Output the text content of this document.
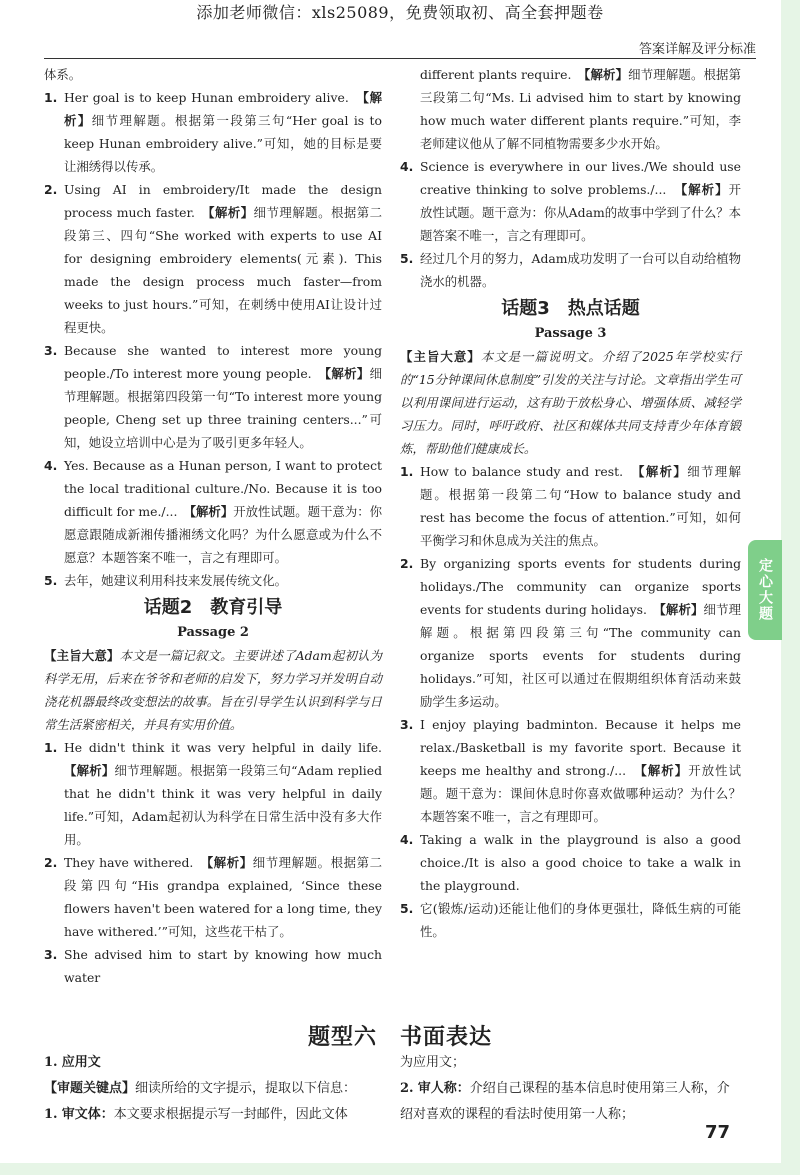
添加老师微信：xls25089，免费领取初、高全套押题卷
答案详解及评分标准
定心大题
体系。
1. Her goal is to keep Hunan embroidery alive.　 【解析】细节理解题。根据第一段第三句“Her goal is to keep Hunan embroidery alive.”可知，她的目标是要让湘绣得以传承。
2. Using AI in embroidery/It made the design process much faster.　 【解析】细节理解题。根据第二段第三、四句“She worked with experts to use AI for designing embroidery elements(元素). This made the design process much faster—from weeks to just hours.”可知，在刺绣中使用AI让设计过程更快。
3. Because she wanted to interest more young people./To interest more young people.　 【解析】细节理解题。根据第四段第一句“To interest more young people, Cheng set up three training centers...”可知，她设立培训中心是为了吸引更多年轻人。
4. Yes. Because as a Hunan person, I want to protect the local traditional culture./No. Because it is too difficult for me./...　 【解析】开放性试题。题干意为：你愿意跟随成新湘传播湘绣文化吗？为什么愿意或为什么不愿意？本题答案不唯一，言之有理即可。
5. 去年，她建议利用科技来发展传统文化。
话题2　教育引导
Passage 2
【主旨大意】本文是一篇记叙文。主要讲述了Adam起初认为科学无用，后来在爷爷和老师的启发下，努力学习并发明自动浇花机器最终改变想法的故事。旨在引导学生认识到科学与日常生活紧密相关，并具有实用价值。
1. He didn't think it was very helpful in daily life.　【解析】细节理解题。根据第一段第三句“Adam replied that he didn't think it was very helpful in daily life.”可知，Adam起初认为科学在日常生活中没有多大作用。
2. They have withered.　 【解析】细节理解题。根据第二段第四句“His grandpa explained, ‘Since these flowers haven't been watered for a long time, they have withered.’”可知，这些花干枯了。
3. She advised him to start by knowing how much water　
different plants require.　 【解析】细节理解题。根据第三段第二句“Ms. Li advised him to start by knowing how much water different plants require.”可知，李老师建议他从了解不同植物需要多少水开始。
4. Science is everywhere in our lives./We should use creative thinking to solve problems./...　 【解析】开放性试题。题干意为：你从Adam的故事中学到了什么？本题答案不唯一，言之有理即可。
5. 经过几个月的努力，Adam成功发明了一台可以自动给植物浇水的机器。
话题3　热点话题
Passage 3
【主旨大意】本文是一篇说明文。介绍了2025年学校实行的“15分钟课间休息制度”引发的关注与讨论。文章指出学生可以利用课间进行运动，这有助于放松身心、增强体质、减轻学习压力。同时，呼吁政府、社区和媒体共同支持青少年体育锻炼，帮助他们健康成长。
1. How to balance study and rest.　 【解析】细节理解题。根据第一段第二句“How to balance study and rest has become the focus of attention.”可知，如何平衡学习和休息成为关注的焦点。
2. By organizing sports events for students during holidays./The community can organize sports events for students during holidays.　 【解析】细节理解题。根据第四段第三句“The community can organize sports events for students during holidays.”可知，社区可以通过在假期组织体育活动来鼓励学生多运动。
3. I enjoy playing badminton. Because it helps me relax./Basketball is my favorite sport. Because it keeps me healthy and strong./...　 【解析】开放性试题。题干意为：课间休息时你喜欢做哪种运动？为什么？本题答案不唯一，言之有理即可。
4. Taking a walk in the playground is also a good choice./It is also a good choice to take a walk in the playground.　
5. 它(锻炼/运动)还能让他们的身体更强壮，降低生病的可能性。
题型六　书面表达
1. 应用文
【审题关键点】细读所给的文字提示，提取以下信息：
1. 审文体：本文要求根据提示写一封邮件，因此文体
为应用文；
2. 审人称：介绍自己课程的基本信息时使用第三人称，介绍对喜欢的课程的看法时使用第一人称；
77
